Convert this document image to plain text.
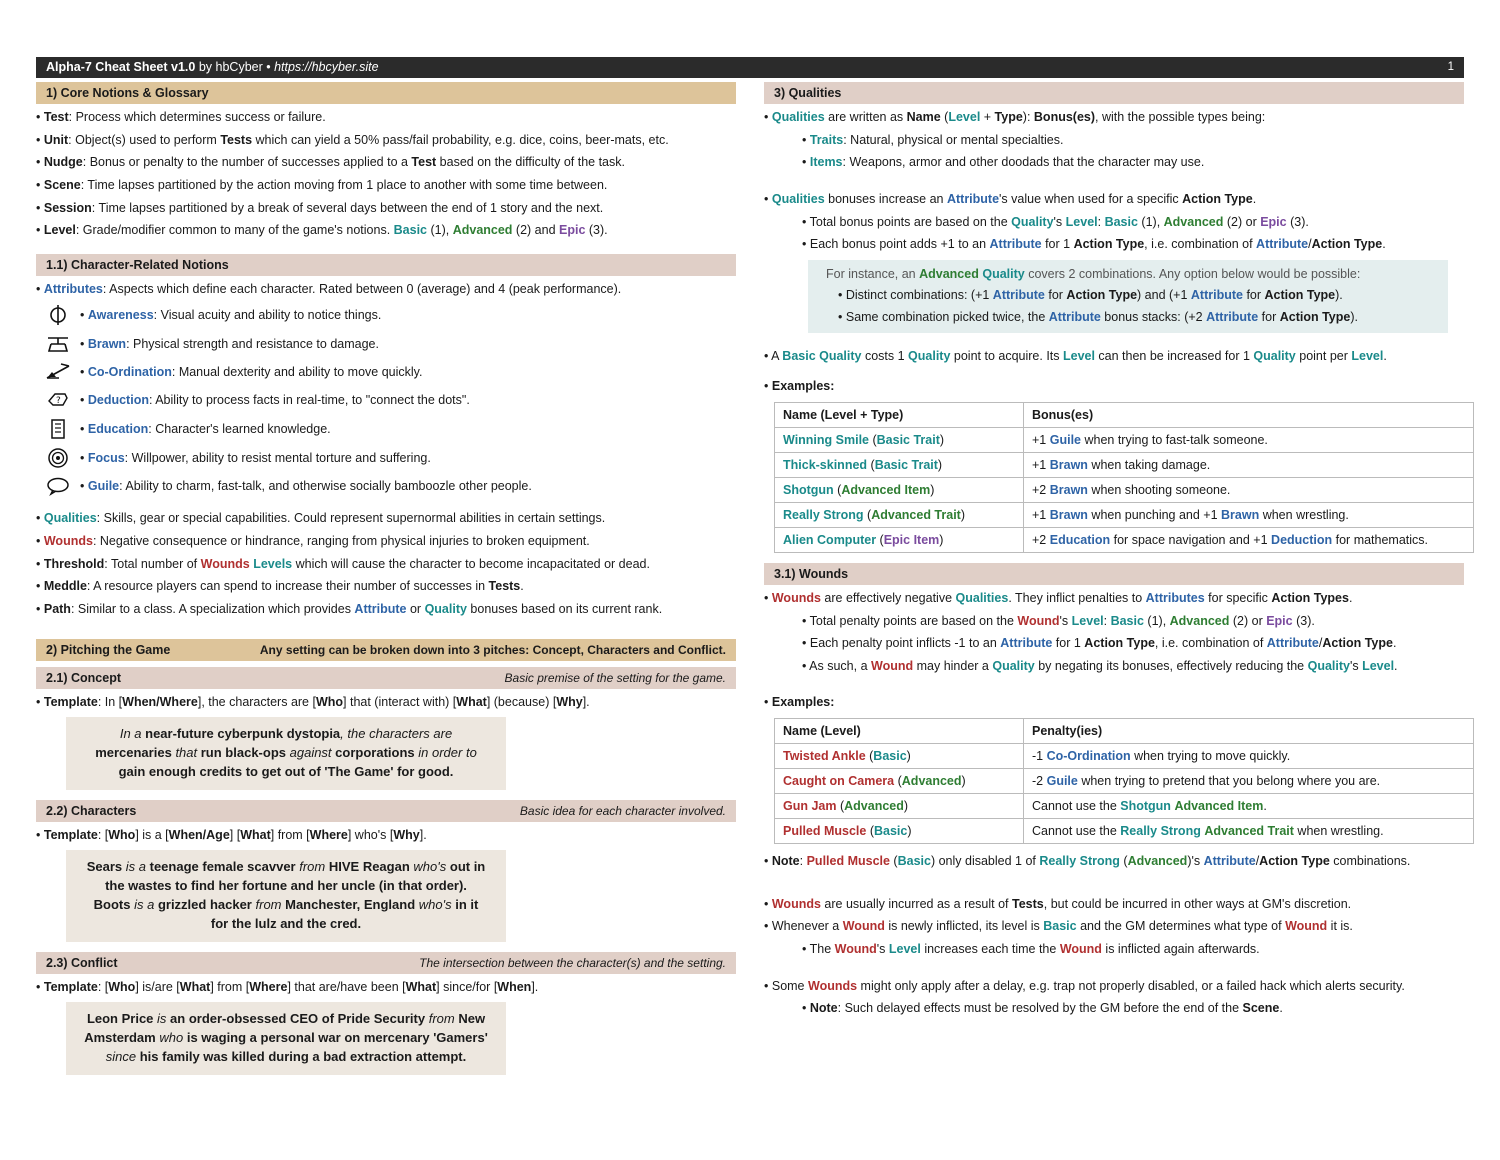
Alpha-7 Cheat Sheet v1.0 by hbCyber • https://hbcyber.site	1
1) Core Notions & Glossary
• Test: Process which determines success or failure.
• Unit: Object(s) used to perform Tests which can yield a 50% pass/fail probability, e.g. dice, coins, beer-mats, etc.
• Nudge: Bonus or penalty to the number of successes applied to a Test based on the difficulty of the task.
• Scene: Time lapses partitioned by the action moving from 1 place to another with some time between.
• Session: Time lapses partitioned by a break of several days between the end of 1 story and the next.
• Level: Grade/modifier common to many of the game's notions. Basic (1), Advanced (2) and Epic (3).
1.1) Character-Related Notions
• Attributes: Aspects which define each character. Rated between 0 (average) and 4 (peak performance).
• Awareness: Visual acuity and ability to notice things.
• Brawn: Physical strength and resistance to damage.
• Co-Ordination: Manual dexterity and ability to move quickly.
?	• Deduction: Ability to process facts in real-time, to "connect the dots".
• Education: Character's learned knowledge.
• Focus: Willpower, ability to resist mental torture and suffering.
• Guile: Ability to charm, fast-talk, and otherwise socially bamboozle other people.
• Qualities: Skills, gear or special capabilities. Could represent supernormal abilities in certain settings.
• Wounds: Negative consequence or hindrance, ranging from physical injuries to broken equipment.
• Threshold: Total number of Wounds Levels which will cause the character to become incapacitated or dead.
• Meddle: A resource players can spend to increase their number of successes in Tests.
• Path: Similar to a class. A specialization which provides Attribute or Quality bonuses based on its current rank.
2) Pitching the Game	Any setting can be broken down into 3 pitches: Concept, Characters and Conflict.
2.1) Concept	Basic premise of the setting for the game.
• Template: In [When/Where], the characters are [Who] that (interact with) [What] (because) [Why].
In a near-future cyberpunk dystopia, the characters are
mercenaries that run black-ops against corporations in order to
gain enough credits to get out of 'The Game' for good.
2.2) Characters	Basic idea for each character involved.
• Template: [Who] is a [When/Age] [What] from [Where] who's [Why].
Sears is a teenage female scavver from HIVE Reagan who's out in
the wastes to find her fortune and her uncle (in that order).
Boots is a grizzled hacker from Manchester, England who's in it
for the lulz and the cred.
2.3) Conflict	The intersection between the character(s) and the setting.
• Template: [Who] is/are [What] from [Where] that are/have been [What] since/for [When].
Leon Price is an order-obsessed CEO of Pride Security from New
Amsterdam who is waging a personal war on mercenary 'Gamers'
since his family was killed during a bad extraction attempt.
3) Qualities
• Qualities are written as Name (Level + Type): Bonus(es), with the possible types being:
• Traits: Natural, physical or mental specialties.
• Items: Weapons, armor and other doodads that the character may use.
• Qualities bonuses increase an Attribute's value when used for a specific Action Type.
• Total bonus points are based on the Quality's Level: Basic (1), Advanced (2) or Epic (3).
• Each bonus point adds +1 to an Attribute for 1 Action Type, i.e. combination of Attribute/Action Type.
For instance, an Advanced Quality covers 2 combinations. Any option below would be possible:
• Distinct combinations: (+1 Attribute for Action Type) and (+1 Attribute for Action Type).
• Same combination picked twice, the Attribute bonus stacks: (+2 Attribute for Action Type).
• A Basic Quality costs 1 Quality point to acquire. Its Level can then be increased for 1 Quality point per Level.
• Examples:
Name (Level + Type)	Bonus(es)
Winning Smile (Basic Trait)	+1 Guile when trying to fast-talk someone.
Thick-skinned (Basic Trait)	+1 Brawn when taking damage.
Shotgun (Advanced Item)	+2 Brawn when shooting someone.
Really Strong (Advanced Trait)	+1 Brawn when punching and +1 Brawn when wrestling.
Alien Computer (Epic Item)	+2 Education for space navigation and +1 Deduction for mathematics.
3.1) Wounds
• Wounds are effectively negative Qualities. They inflict penalties to Attributes for specific Action Types.
• Total penalty points are based on the Wound's Level: Basic (1), Advanced (2) or Epic (3).
• Each penalty point inflicts -1 to an Attribute for 1 Action Type, i.e. combination of Attribute/Action Type.
• As such, a Wound may hinder a Quality by negating its bonuses, effectively reducing the Quality's Level.
• Examples:
Name (Level)	Penalty(ies)
Twisted Ankle (Basic)	-1 Co-Ordination when trying to move quickly.
Caught on Camera (Advanced)	-2 Guile when trying to pretend that you belong where you are.
Gun Jam (Advanced)	Cannot use the Shotgun Advanced Item.
Pulled Muscle (Basic)	Cannot use the Really Strong Advanced Trait when wrestling.
• Note: Pulled Muscle (Basic) only disabled 1 of Really Strong (Advanced)'s Attribute/Action Type combinations.
• Wounds are usually incurred as a result of Tests, but could be incurred in other ways at GM's discretion.
• Whenever a Wound is newly inflicted, its level is Basic and the GM determines what type of Wound it is.
• The Wound's Level increases each time the Wound is inflicted again afterwards.
• Some Wounds might only apply after a delay, e.g. trap not properly disabled, or a failed hack which alerts security.
• Note: Such delayed effects must be resolved by the GM before the end of the Scene.
